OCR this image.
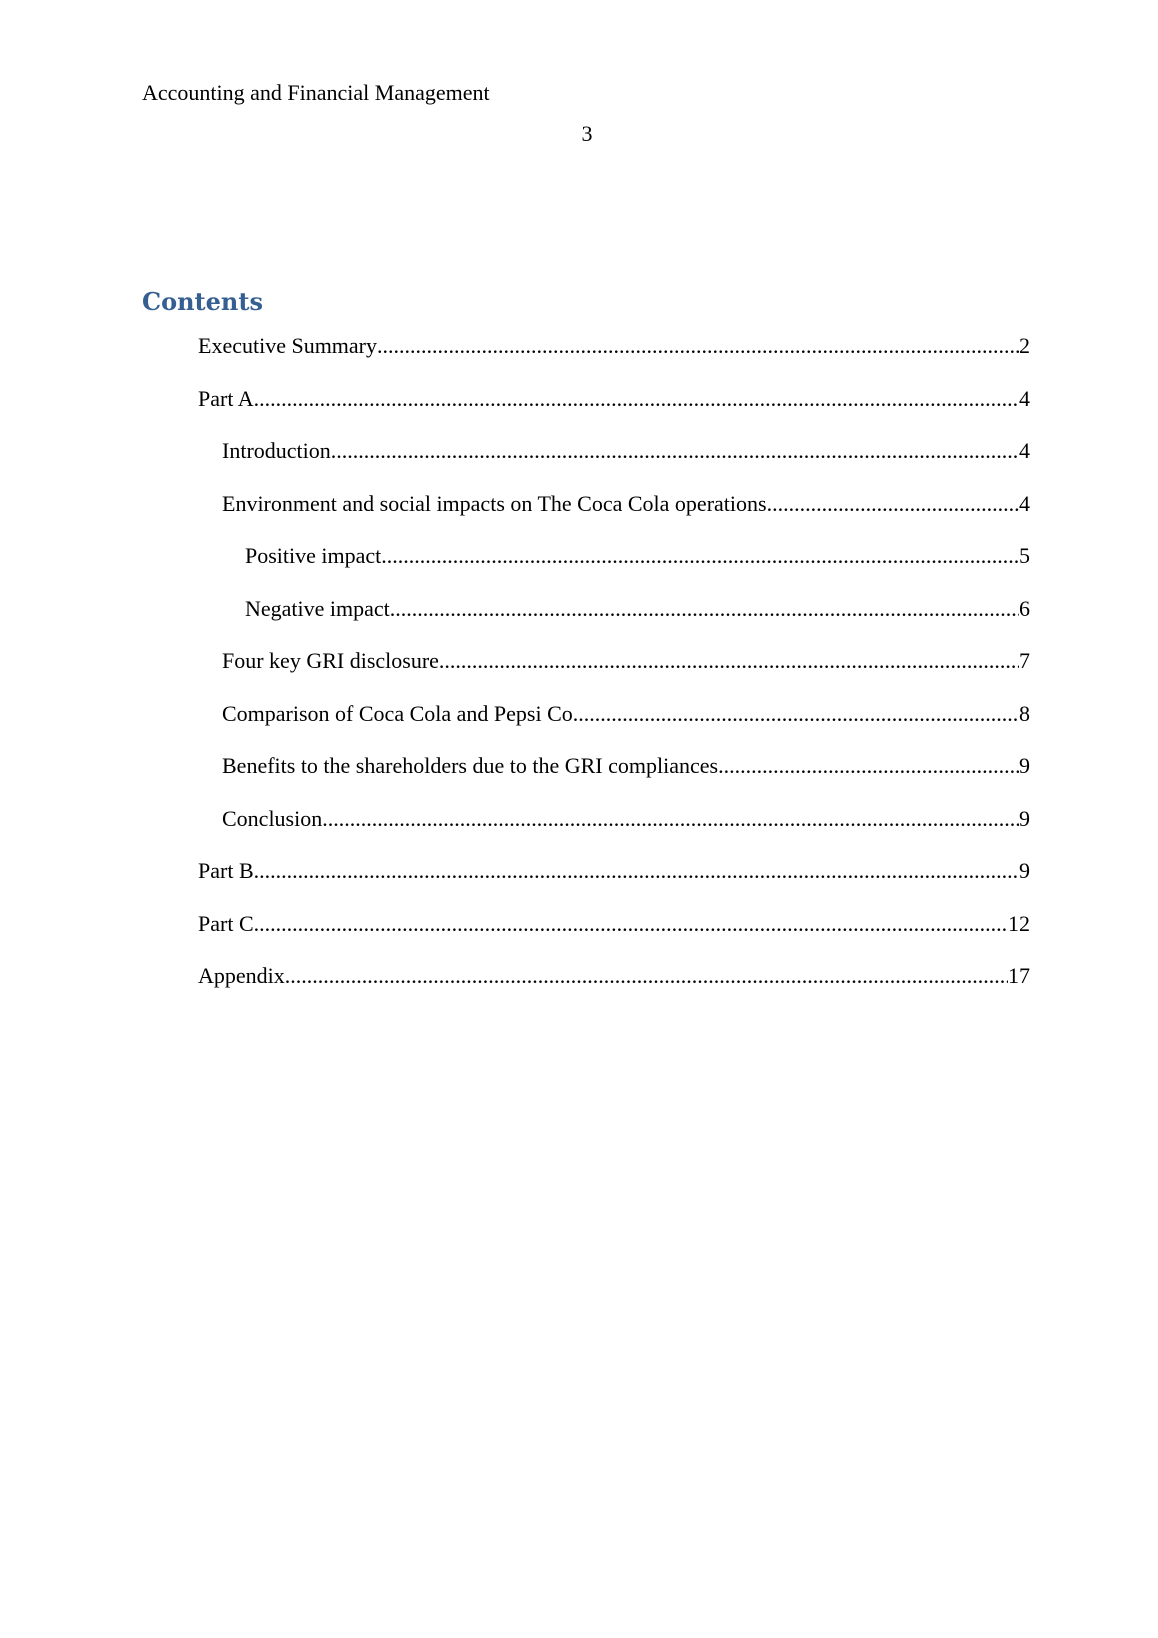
Accounting and Financial Management
3
Contents
Executive Summary .....	2
Part A .....	4
Introduction .....	4
Environment and social impacts on The Coca Cola operations .....	4
Positive impact .....	5
Negative impact .....	6
Four key GRI disclosure .....	7
Comparison of Coca Cola and Pepsi Co .....	8
Benefits to the shareholders due to the GRI compliances .....	9
Conclusion .....	9
Part B .....	9
Part C .....	12
Appendix .....	17
